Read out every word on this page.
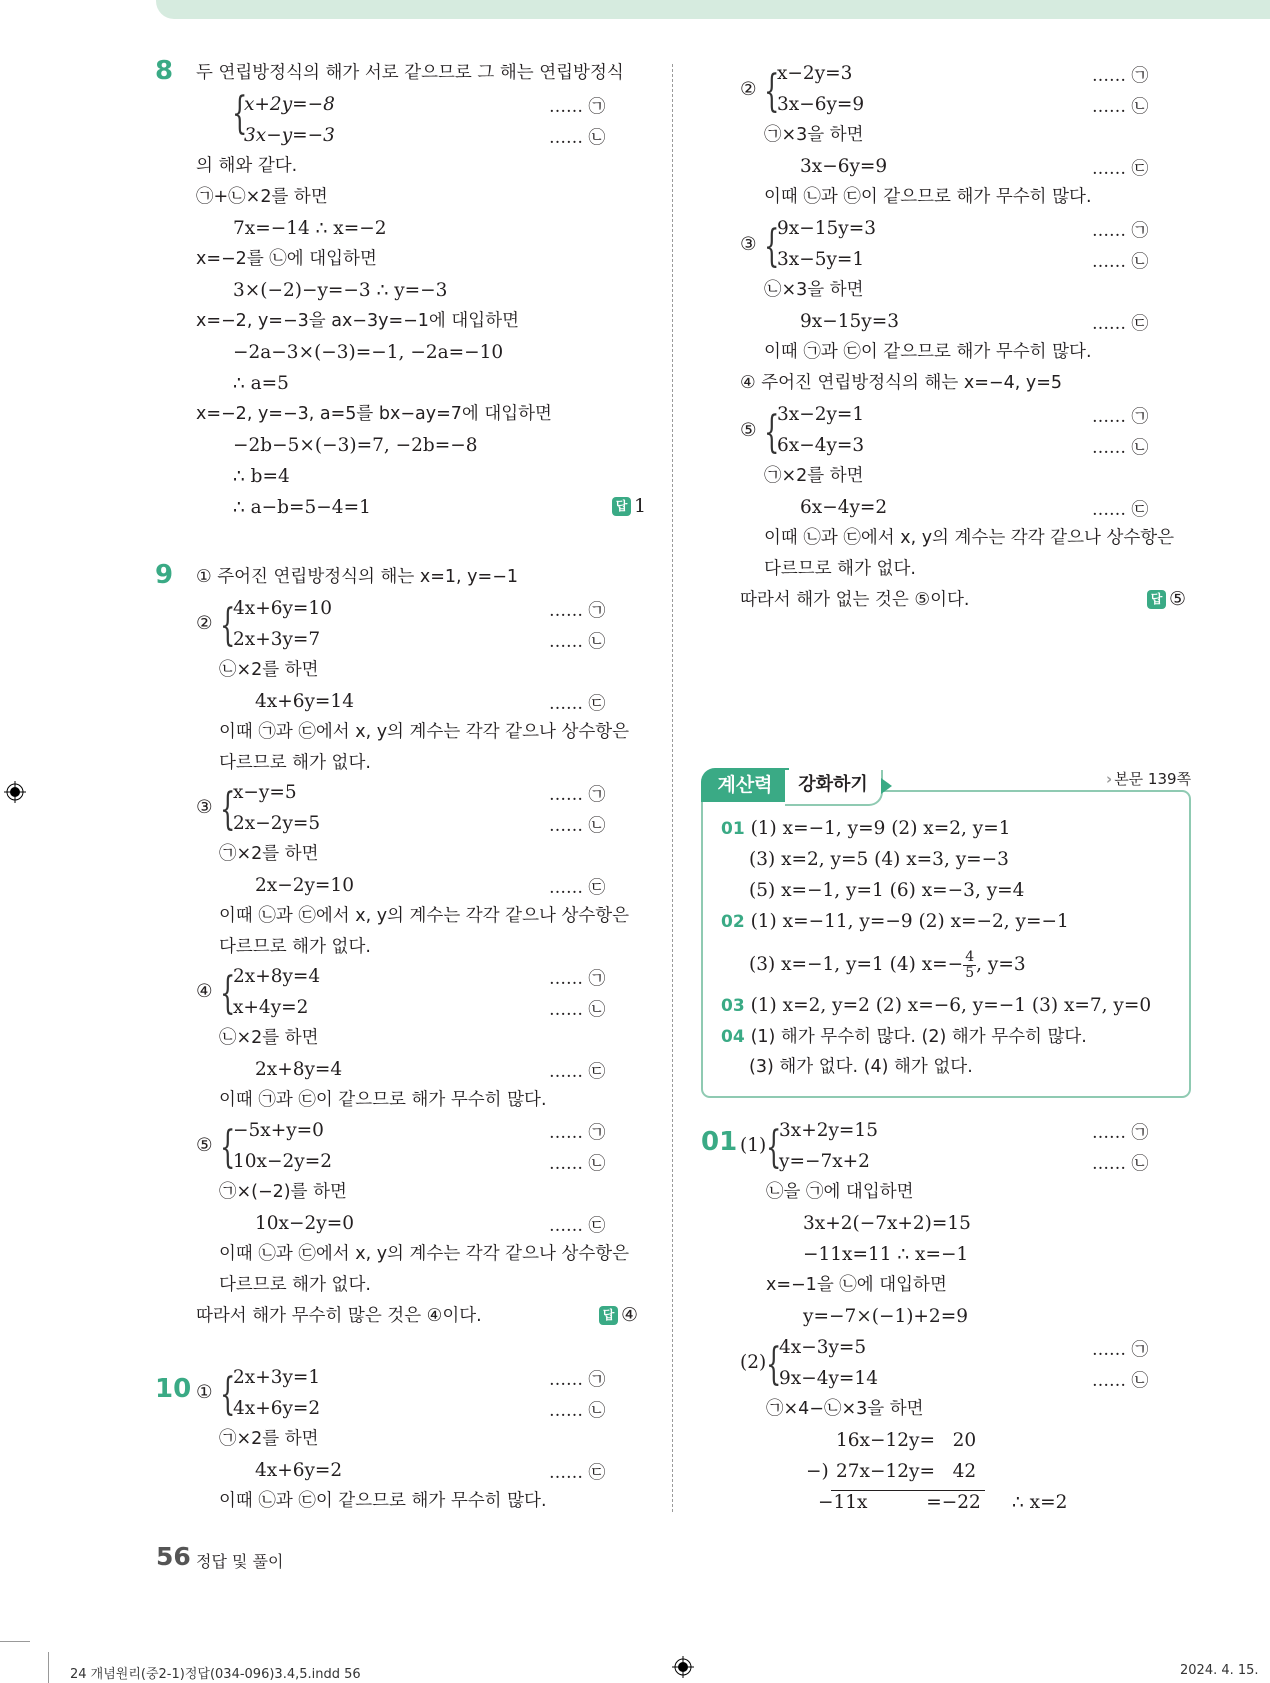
8 두 연립방정식의 해가 서로 같으므로 그 해는 연립방정식
{
x+2y=−8
3x−y=−3
…… ㉠
…… ㉡
의 해와 같다.
㉠+㉡×2를 하면
7x=−14 ∴ x=−2
x=−2를 ㉡에 대입하면
3×(−2)−y=−3 ∴ y=−3
x=−2, y=−3을 ax−3y=−1에 대입하면
−2a−3×(−3)=−1, −2a=−10
∴ a=5
x=−2, y=−3, a=5를 bx−ay=7에 대입하면
−2b−5×(−3)=7, −2b=−8
∴ b=4
∴ a−b=5−4=1	답 1
9 ① 주어진 연립방정식의 해는 x=1, y=−1
② {
4x+6y=10
2x+3y=7
…… ㉠
…… ㉡
㉡×2를 하면
4x+6y=14	…… ㉢
이때 ㉠과 ㉢에서 x, y의 계수는 각각 같으나 상수항은
다르므로 해가 없다.
③ {
x−y=5
2x−2y=5
…… ㉠
…… ㉡
㉠×2를 하면
2x−2y=10	…… ㉢
이때 ㉡과 ㉢에서 x, y의 계수는 각각 같으나 상수항은
다르므로 해가 없다.
④ {
2x+8y=4
x+4y=2
…… ㉠
…… ㉡
㉡×2를 하면
2x+8y=4	…… ㉢
이때 ㉠과 ㉢이 같으므로 해가 무수히 많다.
⑤ {
−5x+y=0
10x−2y=2
…… ㉠
…… ㉡
㉠×(−2)를 하면
10x−2y=0	…… ㉢
이때 ㉡과 ㉢에서 x, y의 계수는 각각 같으나 상수항은
다르므로 해가 없다.
따라서 해가 무수히 많은 것은 ④이다.	답 ④
10 ① {
2x+3y=1
4x+6y=2
…… ㉠
…… ㉡
㉠×2를 하면
4x+6y=2	…… ㉢
이때 ㉡과 ㉢이 같으므로 해가 무수히 많다.
② {
x−2y=3
3x−6y=9
…… ㉠
…… ㉡
㉠×3을 하면
3x−6y=9	…… ㉢
이때 ㉡과 ㉢이 같으므로 해가 무수히 많다.
③ {
9x−15y=3
3x−5y=1
…… ㉠
…… ㉡
㉡×3을 하면
9x−15y=3	…… ㉢
이때 ㉠과 ㉢이 같으므로 해가 무수히 많다.
④ 주어진 연립방정식의 해는 x=−4, y=5
⑤ {
3x−2y=1
6x−4y=3
…… ㉠
…… ㉡
㉠×2를 하면
6x−4y=2	…… ㉢
이때 ㉡과 ㉢에서 x, y의 계수는 각각 같으나 상수항은
다르므로 해가 없다.
따라서 해가 없는 것은 ⑤이다.	답 ⑤
› 본문 139쪽
계산력	강화하기
01 (1) x=−1, y=9 (2) x=2, y=1
(3) x=2, y=5 (4) x=3, y=−3
(5) x=−1, y=1 (6) x=−3, y=4
02 (1) x=−11, y=−9 (2) x=−2, y=−1
(3) x=−1, y=1 (4) $x=- \frac{4}{5}$ , y=3
03 (1) x=2, y=2 (2) x=−6, y=−1 (3) x=7, y=0
04 (1) 해가 무수히 많다. (2) 해가 무수히 많다.
(3) 해가 없다. (4) 해가 없다.
01 (1) {
3x+2y=15
y=−7x+2
…… ㉠
…… ㉡
㉡을 ㉠에 대입하면
3x+2(−7x+2)=15
−11x=11 ∴ x=−1
x=−1을 ㉡에 대입하면
y=−7×(−1)+2=9
(2) {
4x−3y=5
9x−4y=14
…… ㉠
…… ㉡
㉠×4−㉡×3을 하면
16x−12y=   20
−) 27x−12y=   42
−11x          =−22 ∴ x=2
56 정답 및 풀이
24 개념원리(중2-1)정답(034-096)3.4,5.indd 56	2024. 4. 15.
